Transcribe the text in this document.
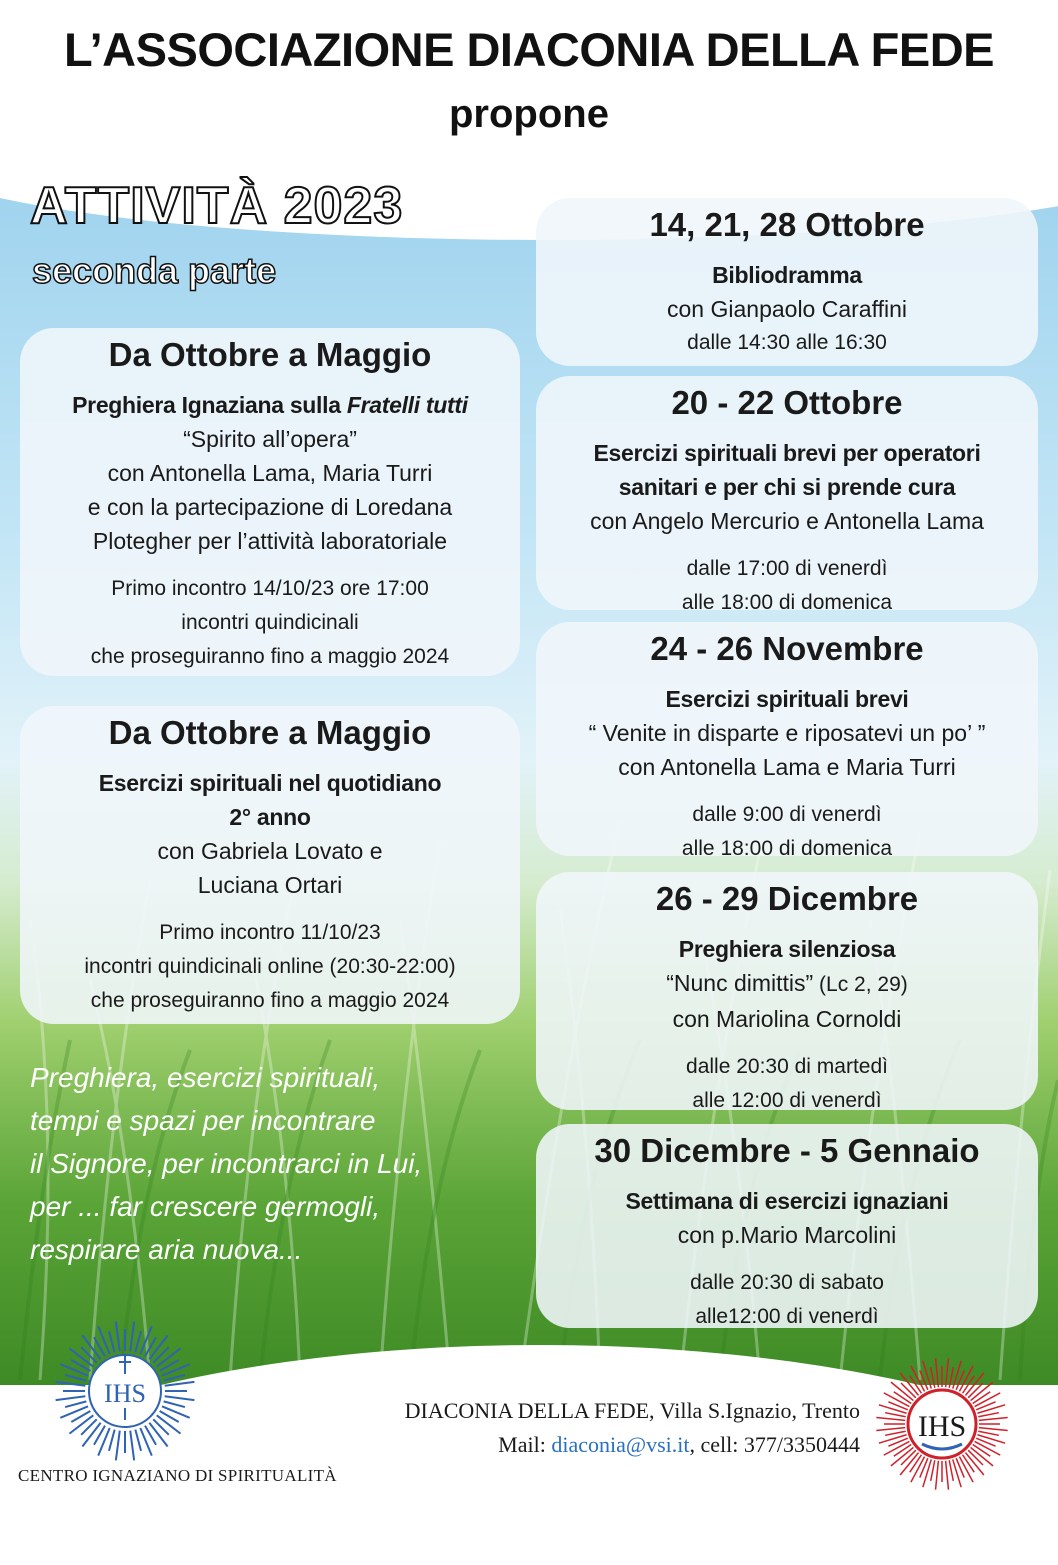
L’ASSOCIAZIONE DIACONIA DELLA FEDE
propone
ATTIVITÀ 2023
seconda parte
Da Ottobre a Maggio
Preghiera Ignaziana sulla Fratelli tutti
“Spirito all’opera”
con Antonella Lama, Maria Turri
e con la partecipazione di Loredana
Plotegher per l’attività laboratoriale
Primo incontro 14/10/23 ore 17:00
incontri quindicinali
che proseguiranno fino a maggio 2024
Da Ottobre a Maggio
Esercizi spirituali nel quotidiano
2° anno
con Gabriela Lovato e
Luciana Ortari
Primo incontro 11/10/23
incontri quindicinali online (20:30-22:00)
che proseguiranno fino a maggio 2024
14, 21, 28 Ottobre
Bibliodramma
con Gianpaolo Caraffini
dalle 14:30 alle 16:30
20 - 22 Ottobre
Esercizi spirituali brevi per operatori
sanitari e per chi si prende cura
con Angelo Mercurio e Antonella Lama
dalle 17:00 di venerdì
alle 18:00 di domenica
24 - 26 Novembre
Esercizi spirituali brevi
“ Venite in disparte e riposatevi un po’ ”
con Antonella Lama e Maria Turri
dalle 9:00 di venerdì
alle 18:00 di domenica
26 - 29 Dicembre
Preghiera silenziosa
“Nunc dimittis” (Lc 2, 29)
con Mariolina Cornoldi
dalle 20:30 di martedì
alle 12:00 di venerdì
30 Dicembre - 5 Gennaio
Settimana di esercizi ignaziani
con p.Mario Marcolini
dalle 20:30 di sabato
alle12:00 di venerdì
Preghiera, esercizi spirituali,
tempi e spazi per incontrare
il Signore, per incontrarci in Lui,
per ... far crescere germogli,
respirare aria nuova...
IHS
IHS
DIACONIA DELLA FEDE, Villa S.Ignazio, Trento
Mail: diaconia@vsi.it, cell: 377/3350444
CENTRO IGNAZIANO DI SPIRITUALITÀ
